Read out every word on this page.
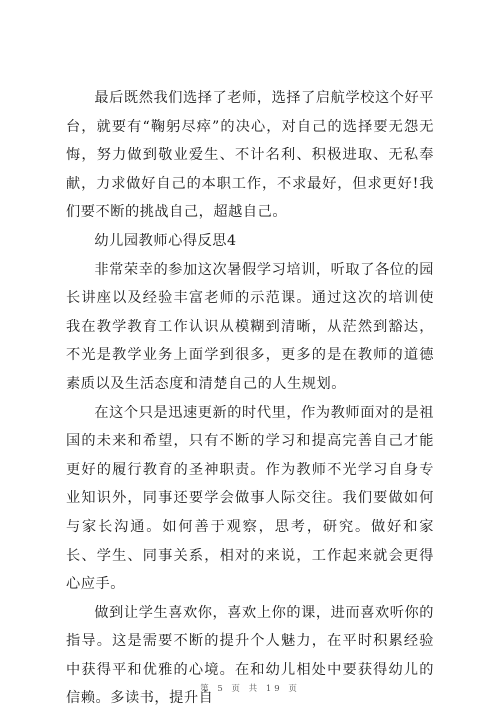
最后既然我们选择了老师，选择了启航学校这个好平台，就要有“鞠躬尽瘁”的决心，对自己的选择要无怨无悔，努力做到敬业爱生、不计名利、积极进取、无私奉献，力求做好自己的本职工作，不求最好，但求更好!我们要不断的挑战自己，超越自己。

幼儿园教师心得反思4

非常荣幸的参加这次暑假学习培训，听取了各位的园长讲座以及经验丰富老师的示范课。通过这次的培训使我在教学教育工作认识从模糊到清晰，从茫然到豁达，不光是教学业务上面学到很多，更多的是在教师的道德素质以及生活态度和清楚自己的人生规划。

在这个只是迅速更新的时代里，作为教师面对的是祖国的未来和希望，只有不断的学习和提高完善自己才能更好的履行教育的圣神职责。作为教师不光学习自身专业知识外，同事还要学会做事人际交往。我们要做如何与家长沟通。如何善于观察，思考，研究。做好和家长、学生、同事关系，相对的来说，工作起来就会更得心应手。

做到让学生喜欢你，喜欢上你的课，进而喜欢听你的指导。这是需要不断的提升个人魅力，在平时积累经验中获得平和优雅的心境。在和幼儿相处中要获得幼儿的信赖。多读书，提升自

第 5 页 共 19 页
